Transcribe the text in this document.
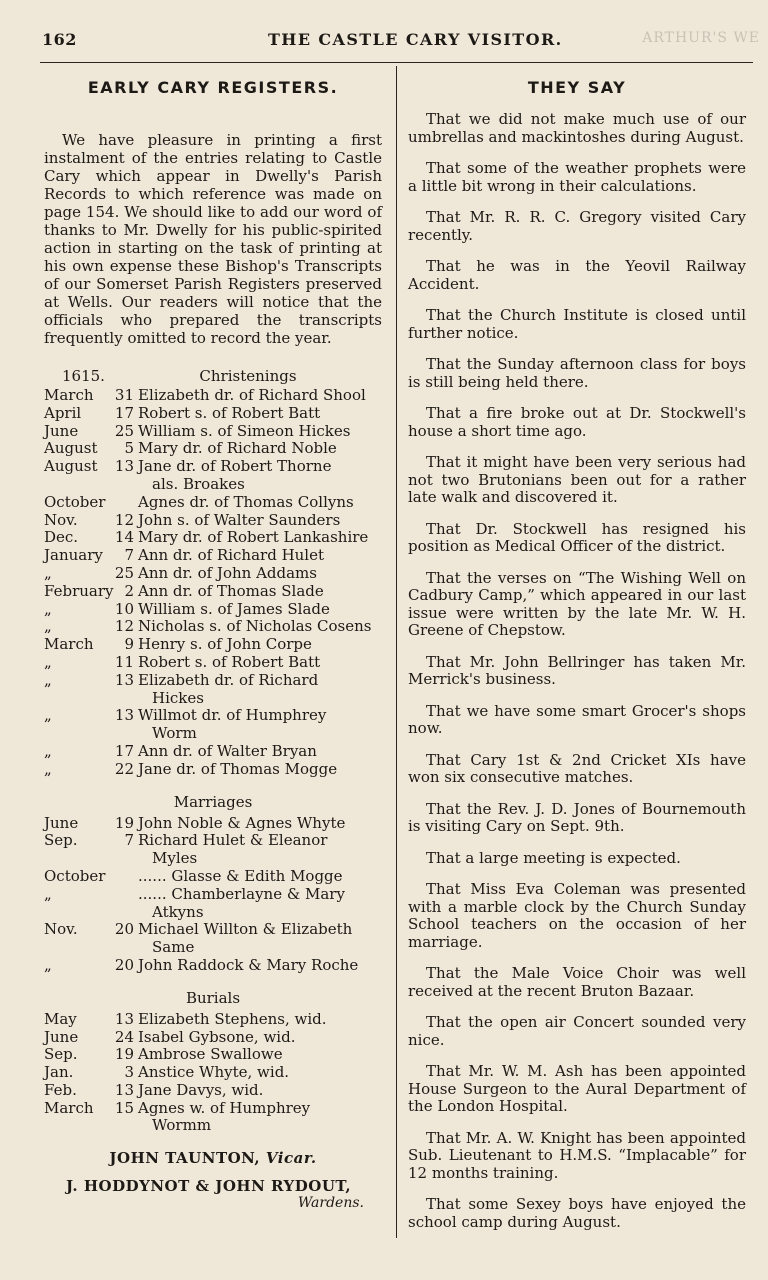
162	THE CASTLE CARY VISITOR.	ARTHUR'S WE
EARLY CARY REGISTERS.

We have pleasure in printing a first instalment of the entries relating to Castle Cary which appear in Dwelly's Parish Records to which reference was made on page 154. We should like to add our word of thanks to Mr. Dwelly for his public-spirited action in starting on the task of printing at his own expense these Bishop's Transcripts of our Somerset Parish Registers preserved at Wells. Our readers will notice that the officials who prepared the transcripts frequently omitted to record the year.

1615.	Christenings
March	31 Elizabeth dr. of Richard Shool
April	17 Robert s. of Robert Batt
June	25 William s. of Simeon Hickes
August	5 Mary dr. of Richard Noble
August	13 Jane dr. of Robert Thorne
als. Broakes
October	Agnes dr. of Thomas Collyns
Nov.	12 John s. of Walter Saunders
Dec.	14 Mary dr. of Robert Lankashire
January	7 Ann dr. of Richard Hulet
„	25 Ann dr. of John Addams
February 2 Ann dr. of Thomas Slade
„	10 William s. of James Slade
„	12 Nicholas s. of Nicholas Cosens
March	9 Henry s. of John Corpe
„	11 Robert s. of Robert Batt
„	13 Elizabeth dr. of Richard
Hickes
„	13 Willmot dr. of Humphrey
Worm
„	17 Ann dr. of Walter Bryan
„	22 Jane dr. of Thomas Mogge
Marriages
June	19 John Noble & Agnes Whyte
Sep.	7 Richard Hulet & Eleanor
Myles
October	...... Glasse & Edith Mogge
„	...... Chamberlayne & Mary
Atkyns
Nov.	20 Michael Willton & Elizabeth
Same
„	20 John Raddock & Mary Roche
Burials
May	13 Elizabeth Stephens, wid.
June	24 Isabel Gybsone, wid.
Sep.	19 Ambrose Swallowe
Jan.	3 Anstice Whyte, wid.
Feb.	13 Jane Davys, wid.
March	15 Agnes w. of Humphrey
Wormm
JOHN TAUNTON, Vicar.
J. HODDYNOT & JOHN RYDOUT,
Wardens.
THEY SAY

That we did not make much use of our umbrellas and mackintoshes during August.

That some of the weather prophets were a little bit wrong in their calculations.

That Mr. R. R. C. Gregory visited Cary recently.

That he was in the Yeovil Railway Accident.

That the Church Institute is closed until further notice.

That the Sunday afternoon class for boys is still being held there.

That a fire broke out at Dr. Stockwell's house a short time ago.

That it might have been very serious had not two Brutonians been out for a rather late walk and discovered it.

That Dr. Stockwell has resigned his position as Medical Officer of the district.

That the verses on “The Wishing Well on Cadbury Camp,” which appeared in our last issue were written by the late Mr. W. H. Greene of Chepstow.

That Mr. John Bellringer has taken Mr. Merrick's business.

That we have some smart Grocer's shops now.

That Cary 1st & 2nd Cricket XIs have won six consecutive matches.

That the Rev. J. D. Jones of Bournemouth is visiting Cary on Sept. 9th.

That a large meeting is expected.

That Miss Eva Coleman was presented with a marble clock by the Church Sunday School teachers on the occasion of her marriage.

That the Male Voice Choir was well received at the recent Bruton Bazaar.

That the open air Concert sounded very nice.

That Mr. W. M. Ash has been appointed House Surgeon to the Aural Department of the London Hospital.

That Mr. A. W. Knight has been appointed Sub. Lieutenant to H.M.S. “Implacable” for 12 months training.

That some Sexey boys have enjoyed the school camp during August.
